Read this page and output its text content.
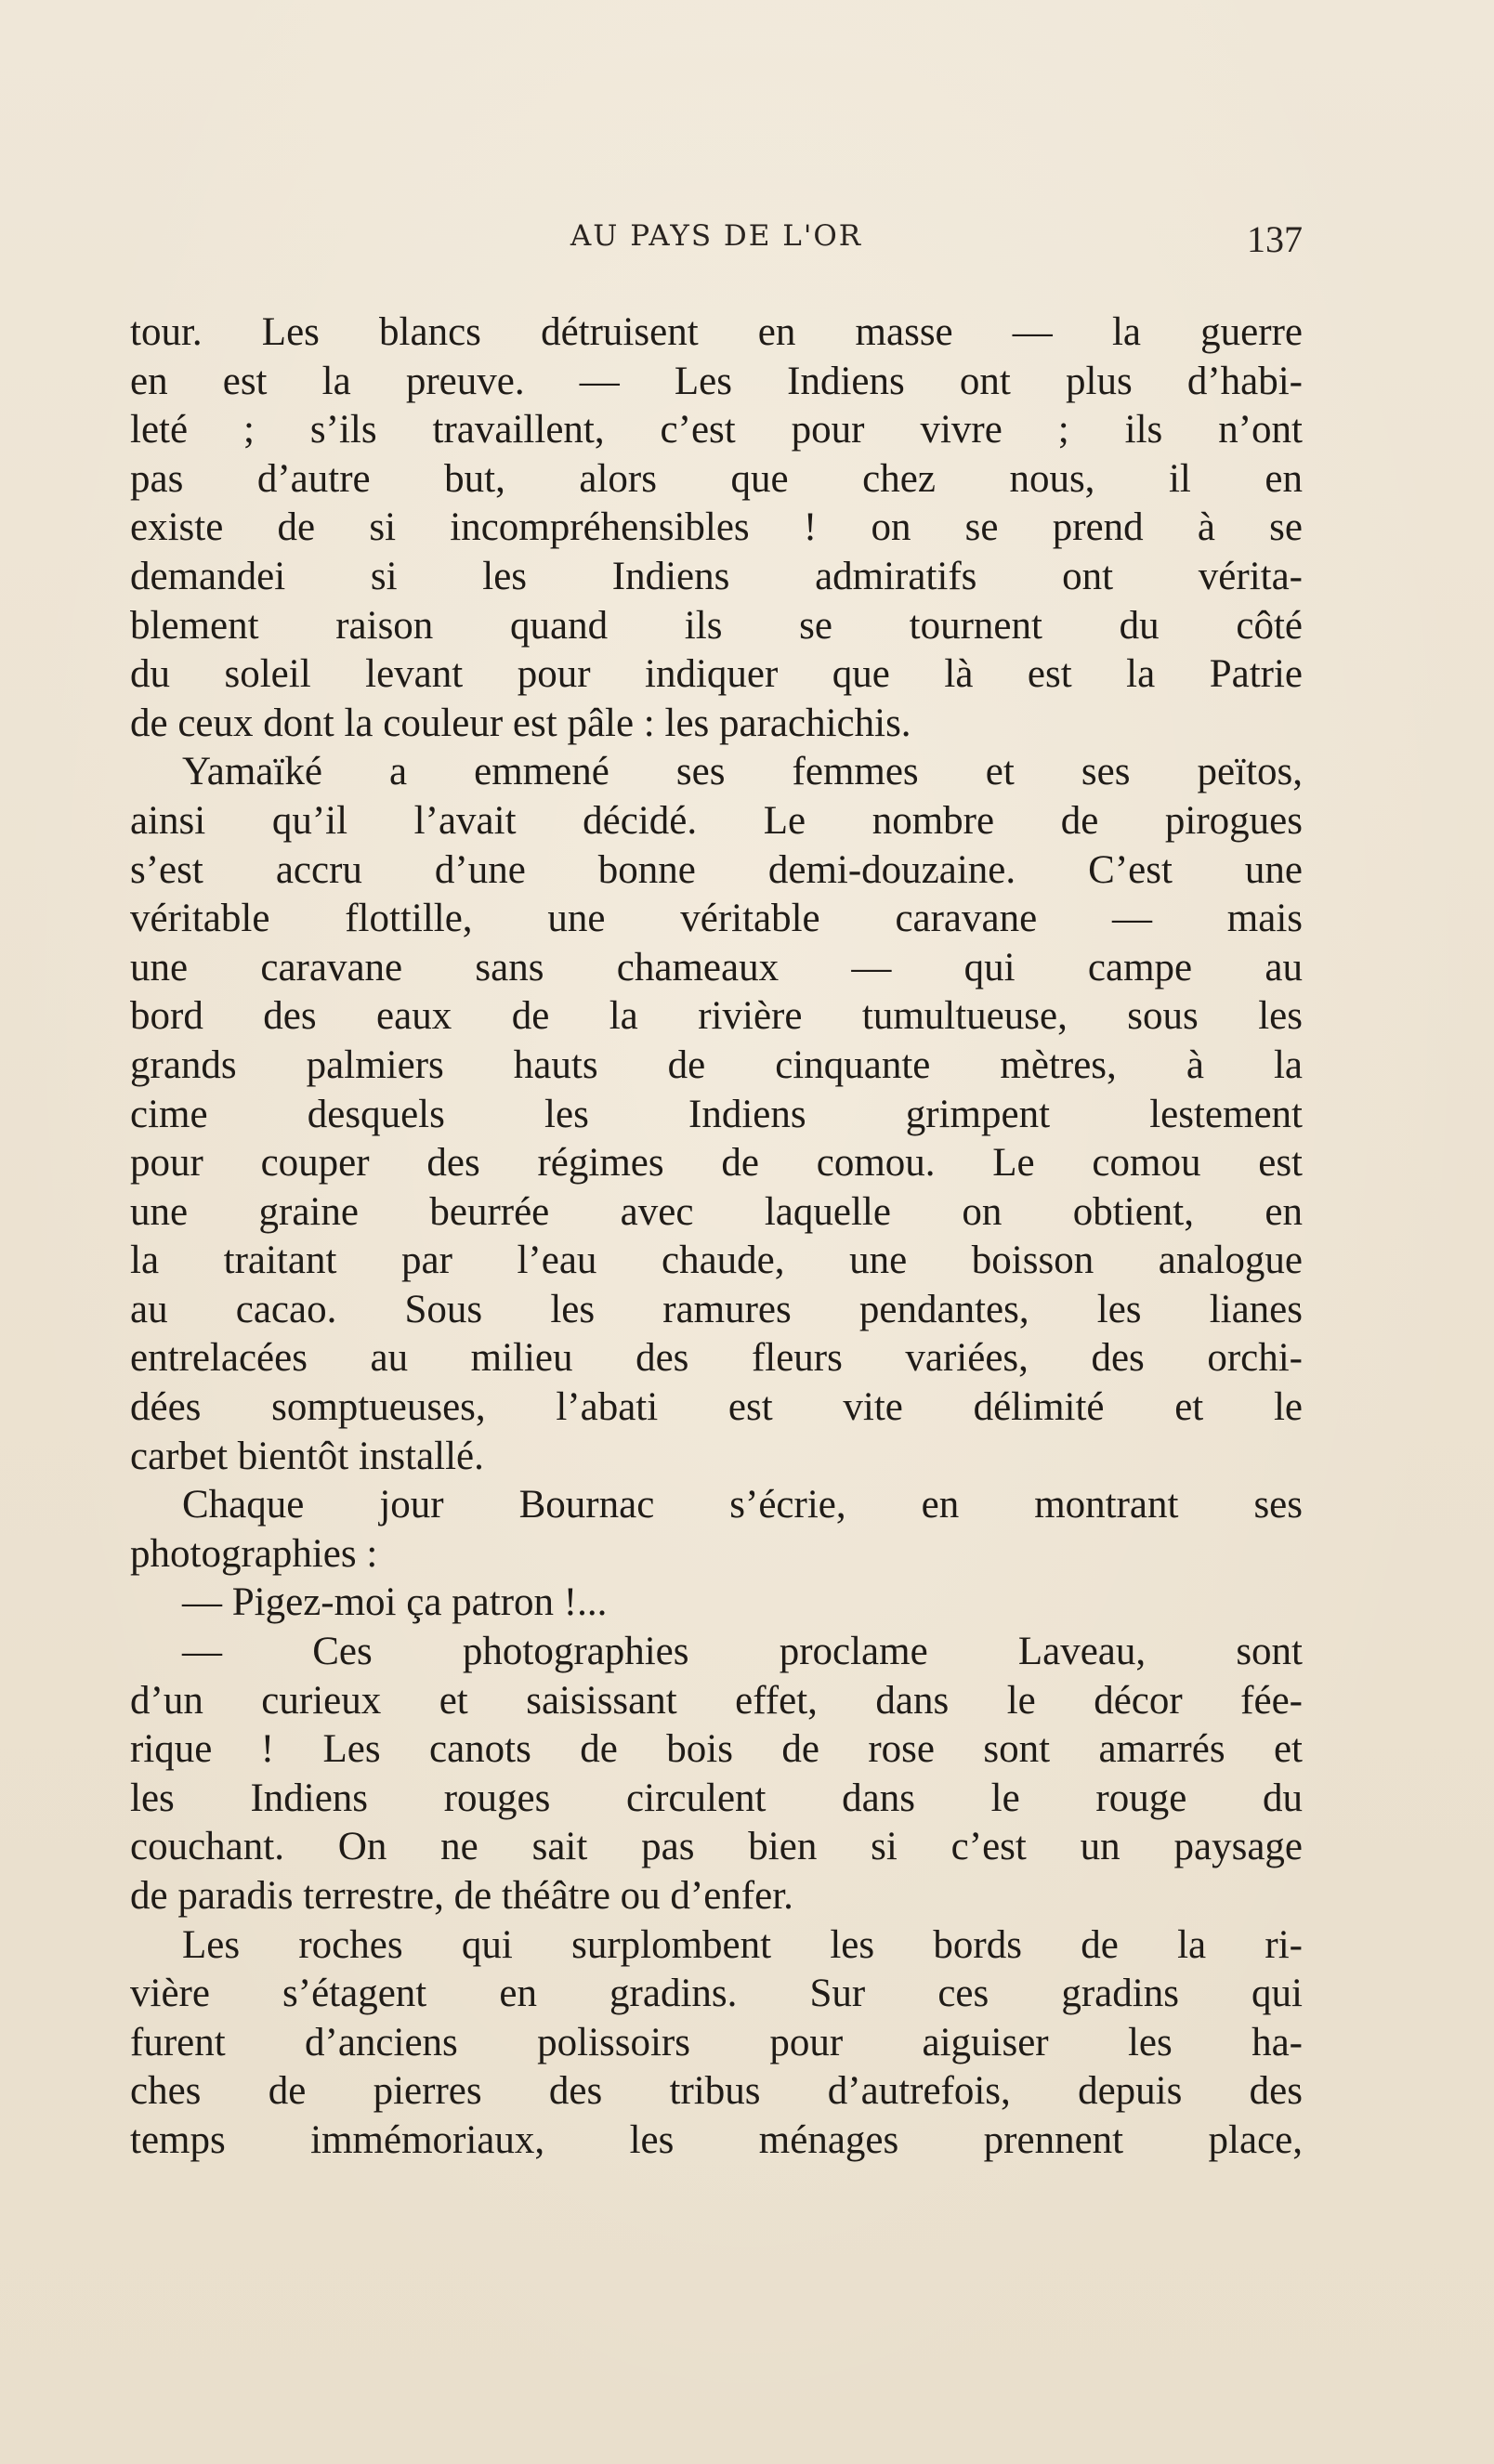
AU PAYS DE L'OR	137
tour. Les blancs détruisent en masse — la guerre
en est la preuve. — Les Indiens ont plus d’habi-
leté ; s’ils travaillent, c’est pour vivre ; ils n’ont
pas d’autre but, alors que chez nous, il en
existe de si incompréhensibles ! on se prend à se
demandei si les Indiens admiratifs ont vérita-
blement raison quand ils se tournent du côté
du soleil levant pour indiquer que là est la Patrie
de ceux dont la couleur est pâle : les parachichis.
Yamaïké a emmené ses femmes et ses peïtos,
ainsi qu’il l’avait décidé. Le nombre de pirogues
s’est accru d’une bonne demi-douzaine. C’est une
véritable flottille, une véritable caravane — mais
une caravane sans chameaux — qui campe au
bord des eaux de la rivière tumultueuse, sous les
grands palmiers hauts de cinquante mètres, à la
cime desquels les Indiens grimpent lestement
pour couper des régimes de comou. Le comou est
une graine beurrée avec laquelle on obtient, en
la traitant par l’eau chaude, une boisson analogue
au cacao. Sous les ramures pendantes, les lianes
entrelacées au milieu des fleurs variées, des orchi-
dées somptueuses, l’abati est vite délimité et le
carbet bientôt installé.
Chaque jour Bournac s’écrie, en montrant ses
photographies :
— Pigez-moi ça patron !...
— Ces photographies proclame Laveau, sont
d’un curieux et saisissant effet, dans le décor fée-
rique ! Les canots de bois de rose sont amarrés et
les Indiens rouges circulent dans le rouge du
couchant. On ne sait pas bien si c’est un paysage
de paradis terrestre, de théâtre ou d’enfer.
Les roches qui surplombent les bords de la ri-
vière s’étagent en gradins. Sur ces gradins qui
furent d’anciens polissoirs pour aiguiser les ha-
ches de pierres des tribus d’autrefois, depuis des
temps immémoriaux, les ménages prennent place,
